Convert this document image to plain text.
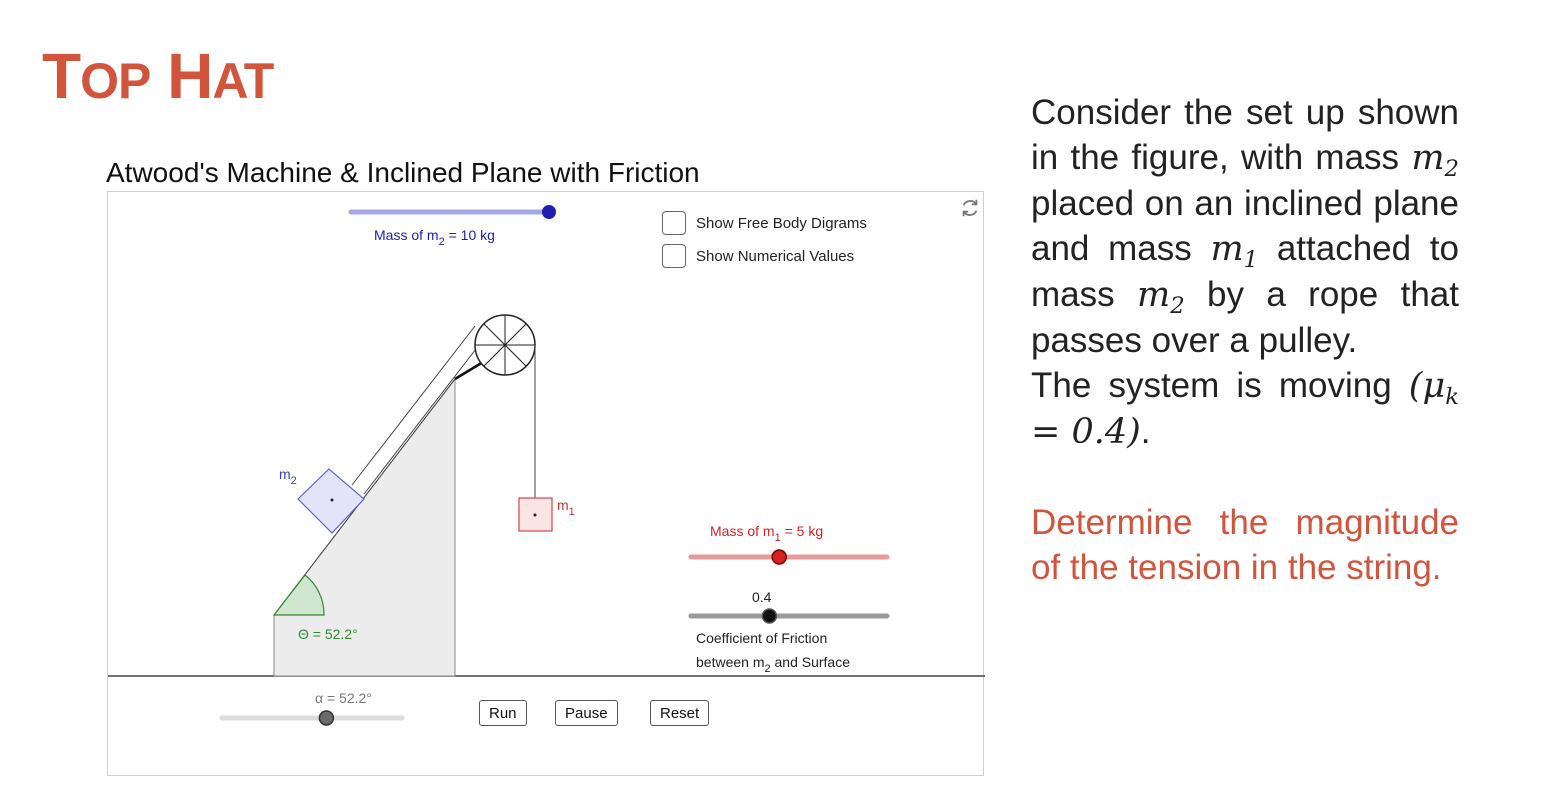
TOP HAT
Atwood's Machine & Inclined Plane with Friction
Mass of $m_2 = 10$ kg
Θ = 52.2°
$m_2$
$m_1$
Mass of $m_1 = 5$ kg
0.4
Coefficient of Friction
between $m_2$ and Surface
α = 52.2°
Show Free Body Digrams
Show Numerical Values
Run	Pause	Reset

Consider the set up shown in the figure, with mass $m_2$ placed on an inclined plane and mass $m_1$ attached to mass $m_2$ by a rope that passes over a pulley.

The system is moving $(\mu_k = 0.4)$.

Determine the magnitude of the tension in the string.
